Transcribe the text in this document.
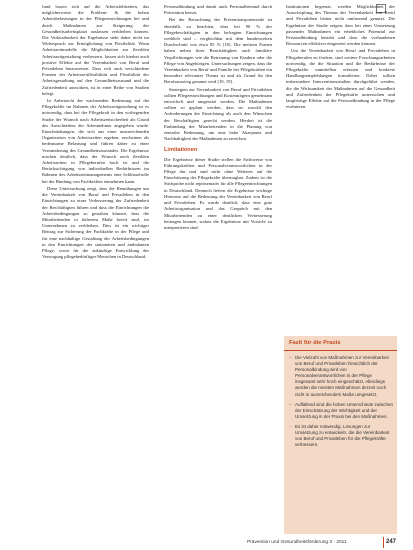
fund lassen sich auf die Arbeitsfehlzeiten, das möglicherweise die Problem- & die hohen Arbeitsbelastungen in der Pflegeeinrichtungen bei und durch Maßnahmen zur Steigerung der Gesundheitsarbeitsplatzt auslassen verbleiben können. Die Verkürzbarkeit der Ergebnisse steht daher nicht im Widerspruch zur Ermöglichung von Flexibilität. Wenn Arbeitszeitmodelle die Möglichkeiten zur flexiblen Arbeitszeitgestaltung verbessern, lassen sich hierbei auch positive Effekte auf die Vereinbarkeit von Beruf und Privatleben hinzuweisen. Dass sich auch verschiedene Formen der Arbeitszeitflexibilität und Flexibilität der Arbeitsgestaltung auf den Gesundheitszustand und die Zufriedenheit auswirken, ist in einer Reihe von Studien belegt.

In Anbetracht der wachsenden Bedeutung auf die Pflegekräfte im Rahmen der Arbeitszeitgestaltung ist es notwendig, dass bei der Pflegekraft in den vorliegenden Studie der Wunsch nach Arbeitszeitsicherheit als Grund des Ausscheidens der Arbeitnehmer angegeben wurde. Einschränkungen, die sich aus einer unzureichenden Organisation von Arbeitszeiten ergeben, erscheinen als bedeutsame Belastung und führen daher zu einer Verminderung des Gesundheitszustandes. Die Ergebnisse machen deutlich, dass der Wunsch nach flexiblen Arbeitszeiten in Pflegeberufen hoch ist und die Berücksichtigung von individuellen Bedürfnissen im Rahmen des Arbeitszeitmanagements eine Schlüsselrolle bei der Bindung von Fachkräften einnehmen kann.

Diese Untersuchung zeigt, dass die Bemühungen um die Vereinbarkeit von Beruf und Privatleben in den Einrichtungen zu einer Verbesserung der Zufriedenheit der Beschäftigten führen und dass die Einrichtungen die Arbeitsbedingungen so gestalten können, dass die Mitarbeitenden in höherem Maße bereit sind, im Unternehmen zu verbleiben. Dies ist ein wichtiger Beitrag zur Sicherung der Fachkräfte in der Pflege und für eine nachhaltige Gestaltung der Arbeitsbedingungen in den Einrichtungen der stationären und ambulanten Pflege, sowie für die zukünftige Entwicklung der Versorgung pflegebedürftiger Menschen in Deutschland.

Personalbindung und damit auch Personalbestand durch Prävention besser.

Bei der Betrachtung der Präventionspotenziale ist ebenfalls zu beachten, dass bei 90 % der Pflegebeschäftigten in den befragten Einrichtungen weiblich sind – vergleichbar mit dem bundesweiten Durchschnitt von etwa 85 % [18]. Die meisten Frauen haben neben ihrer Berufstätigkeit auch familiäre Verpflichtungen wie die Betreuung von Kindern oder die Pflege von Angehörigen. Untersuchungen zeigen, dass die Vereinbarkeit von Beruf und Familie bei Pflegekräften ein besonders relevantes Thema ist und als Grund für den Berufsausstieg genannt wird [10, 19].

Strategien zur Vereinbarkeit von Beruf und Privatleben sollten Pflegeeinrichtungen und Kostenträgern gemeinsam entwickelt und umgesetzt werden. Die Maßnahmen sollten so geplant werden, dass sie sowohl den Anforderungen der Einrichtung als auch den Wünschen der Beschäftigten gerecht werden. Hierbei ist die Einbindung der Mitarbeitenden in die Planung von zentraler Bedeutung, um eine hohe Akzeptanz und Nachhaltigkeit der Maßnahmen zu erreichen.

Limitationen

Die Ergebnisse dieser Studie stellen die Sichtweise von Führungskräften und Personalverantwortlichen in der Pflege dar und sind nicht ohne Weiteres auf die Einschätzung der Pflegekräfte übertragbar. Zudem ist die Stichprobe nicht repräsentativ für alle Pflegeeinrichtungen in Deutschland. Dennoch liefern die Ergebnisse wichtige Hinweise auf die Bedeutung der Vereinbarkeit von Beruf und Privatleben. Es wurde deutlich, dass eine gute Arbeitsorganisation und das Gespräch mit den Mitarbeitenden zu einer deutlichen Verbesserung beitragen können, sodass die Ergebnisse mit Vorsicht zu interpretieren sind.

Institutionen begrenzt, werden Möglichkeiten der Ausschöpfung des Themas der Vereinbarkeit von Beruf und Privatleben bisher nicht umfassend genutzt. Die Ergebnisse der Studie zeigen, dass bei einer Umsetzung passender Maßnahmen ein erhebliches Potenzial zur Personalbindung besteht und dass die vorhandenen Ressourcen effektiver eingesetzt werden können.

Um die Vereinbarkeit von Beruf und Privatleben in Pflegeberufen zu fördern, sind weitere Forschungsarbeiten notwendig, die die Situation und die Bedürfnisse der Pflegekräfte unmittelbar erfassen und konkrete Handlungsempfehlungen formulieren. Dabei sollten insbesondere Interventionsstudien durchgeführt werden, die die Wirksamkeit der Maßnahmen auf die Gesundheit und Zufriedenheit der Pflegekräfte untersuchen und langfristige Effekte auf die Personalbindung in der Pflege evaluieren.

Fazit für die Praxis
– Die Vielzahl von Maßnahmen zur Vereinbarkeit von Beruf und Privatleben hinsichtlich der Personalbindung wird von Personalverantwortlichen in der Pflege insgesamt sehr hoch eingeschätzt. Allerdings werden die meisten Maßnahmen derzeit noch nicht in ausreichendem Maße umgesetzt.
– Auffallend sind die hohen Unterschiede zwischen der Einschätzung der Wichtigkeit und der Umsetzung in der Praxis bei den Maßnahmen.
– Es ist daher notwendig, Lösungen zur Umsetzung zu entwickeln, die die Vereinbarkeit von Beruf und Privatleben für die Pflegekräfte verbessern.
Prävention und Gesundheitsförderung 3 · 2011	247
